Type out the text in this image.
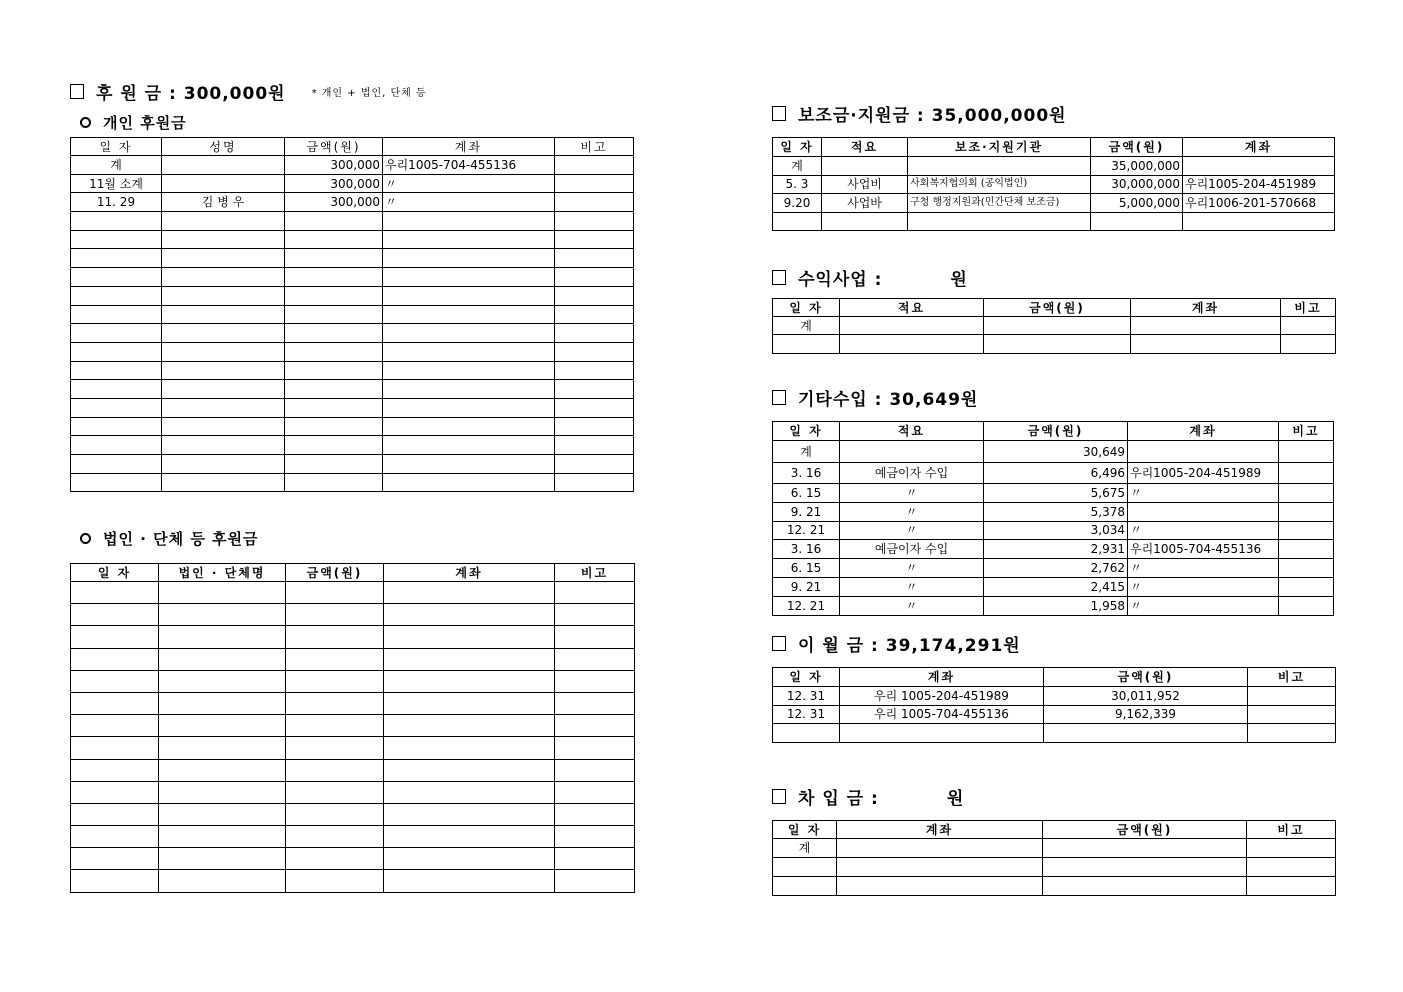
후 원 금 : 300,000원	* 개인 + 법인, 단체 등
개인 후원금
일 자	성명	금액(원)	계좌	비고
계		300,000	우리1005-704-455136	
11월 소계		300,000	〃	
11. 29	김 병 우	300,000	〃	

법인 · 단체 등 후원금
일 자	법인 · 단체명	금액(원)	계좌	비고

보조금·지원금 : 35,000,000원
일 자	적요	보조·지원기관	금액(원)	계좌
계			35,000,000	
5. 3	사업비	사회복지협의회 (공익법인)	30,000,000	우리1005-204-451989
9.20	사업바	구청 행정지원과(민간단체 보조금)	5,000,000	우리1006-201-570668

수익사업 :	원
일 자	적요	금액(원)	계좌	비고
계				

기타수입 : 30,649원
일 자	적요	금액(원)	계좌	비고
계		30,649		
3. 16	예금이자 수입	6,496	우리1005-204-451989	
6. 15	〃	5,675	〃	
9. 21	〃	5,378		
12. 21	〃	3,034	〃	
3. 16	예금이자 수입	2,931	우리1005-704-455136	
6. 15	〃	2,762	〃	
9. 21	〃	2,415	〃	
12. 21	〃	1,958	〃	
이 월 금 : 39,174,291원
일 자	계좌	금액(원)	비고
12. 31	우리 1005-204-451989	30,011,952	
12. 31	우리 1005-704-455136	9,162,339	

차 입 금 :	원
일 자	계좌	금액(원)	비고
계			
